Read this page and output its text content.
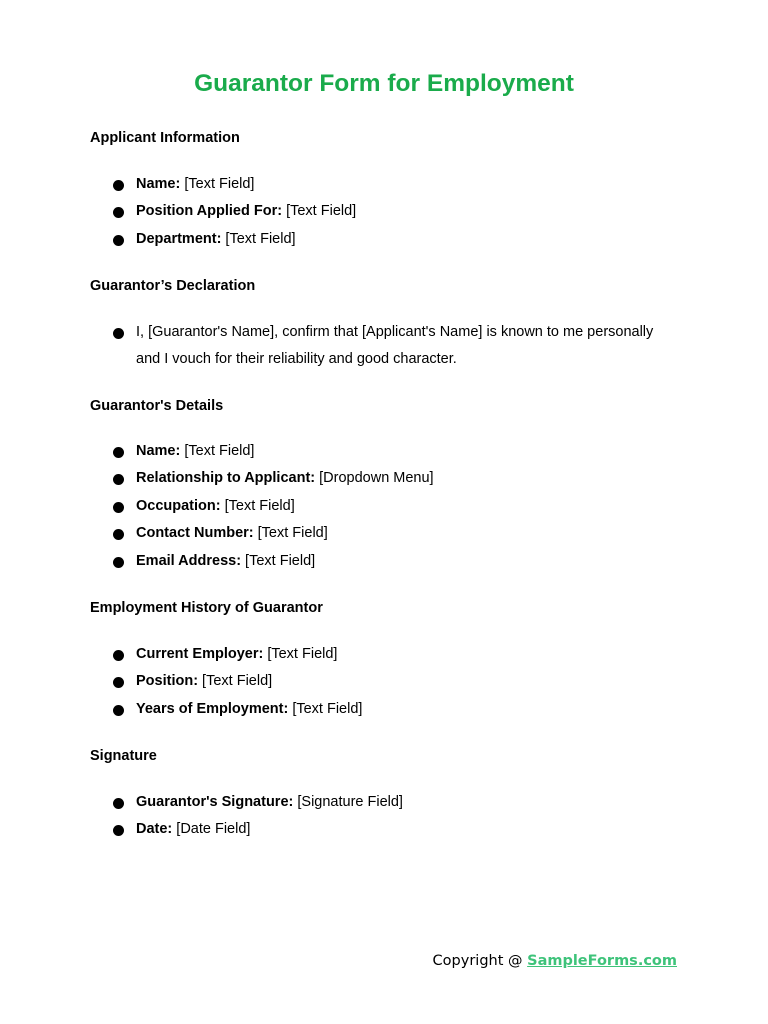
Guarantor Form for Employment
Applicant Information
Name: [Text Field]
Position Applied For: [Text Field]
Department: [Text Field]
Guarantor’s Declaration
I, [Guarantor's Name], confirm that [Applicant's Name] is known to me personally and I vouch for their reliability and good character.
Guarantor's Details
Name: [Text Field]
Relationship to Applicant: [Dropdown Menu]
Occupation: [Text Field]
Contact Number: [Text Field]
Email Address: [Text Field]
Employment History of Guarantor
Current Employer: [Text Field]
Position: [Text Field]
Years of Employment: [Text Field]
Signature
Guarantor's Signature: [Signature Field]
Date: [Date Field]
Copyright @ SampleForms.com
